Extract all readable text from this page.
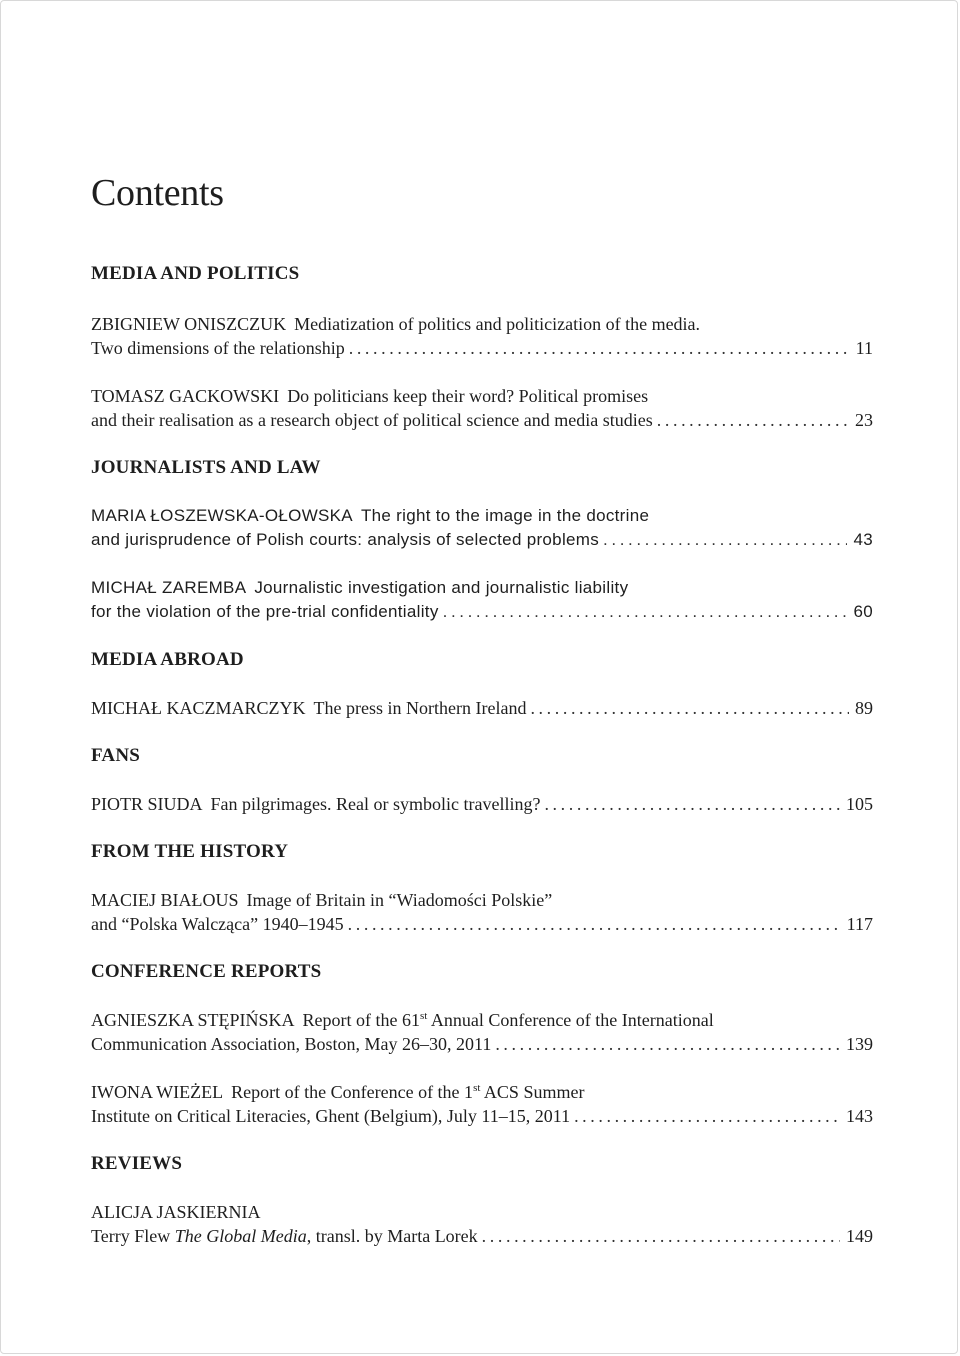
Contents
MEDIA AND POLITICS
ZBIGNIEW ONISZCZUK Mediatization of politics and politicization of the media.
Two dimensions of the relationship .....	11
TOMASZ GACKOWSKI Do politicians keep their word? Political promises
and their realisation as a research object of political science and media studies .....	23
JOURNALISTS AND LAW
MARIA ŁOSZEWSKA-OŁOWSKA The right to the image in the doctrine
and jurisprudence of Polish courts: analysis of selected problems .....	43
MICHAŁ ZAREMBA Journalistic investigation and journalistic liability
for the violation of the pre-trial confidentiality .....	60
MEDIA ABROAD
MICHAŁ KACZMARCZYK The press in Northern Ireland .....	89
FANS
PIOTR SIUDA Fan pilgrimages. Real or symbolic travelling? .....	105
FROM THE HISTORY
MACIEJ BIAŁOUS Image of Britain in “Wiadomości Polskie”
and “Polska Walcząca” 1940–1945 .....	117
CONFERENCE REPORTS
AGNIESZKA STĘPIŃSKA Report of the 61st Annual Conference of the International
Communication Association, Boston, May 26–30, 2011 .....	139
IWONA WIEŻEL Report of the Conference of the 1st ACS Summer
Institute on Critical Literacies, Ghent (Belgium), July 11–15, 2011 .....	143
REVIEWS
ALICJA JASKIERNIA
Terry Flew The Global Media, transl. by Marta Lorek .....	149
